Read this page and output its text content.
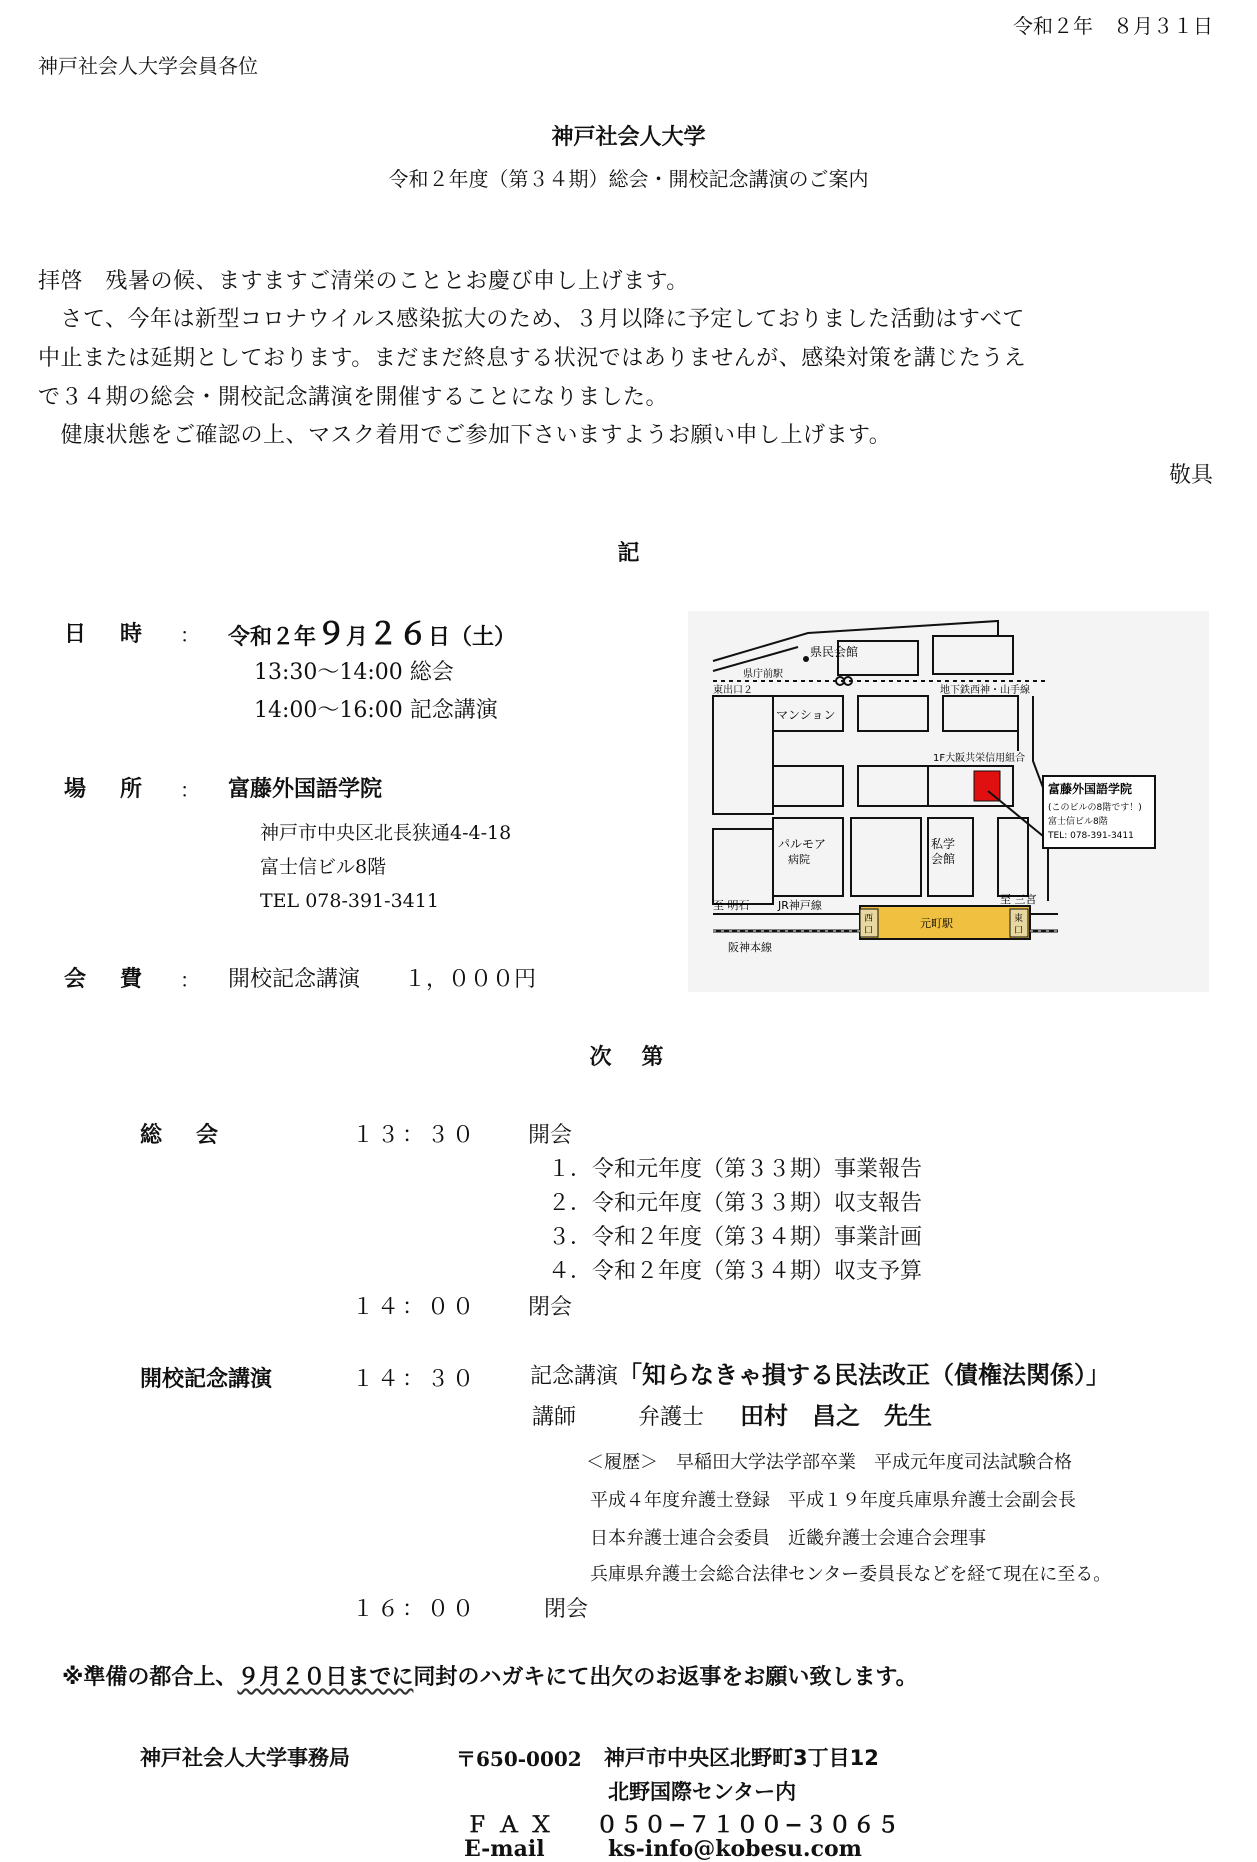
令和２年　８月３１日
神戸社会人大学会員各位
神戸社会人大学
令和２年度（第３４期）総会・開校記念講演のご案内
拝啓　残暑の候、ますますご清栄のこととお慶び申し上げます。
　さて、今年は新型コロナウイルス感染拡大のため、３月以降に予定しておりました活動はすべて
中止または延期としております。まだまだ終息する状況ではありませんが、感染対策を講じたうえ
で３４期の総会・開校記念講演を開催することになりました。
　健康状態をご確認の上、マスク着用でご参加下さいますようお願い申し上げます。
敬具
記
日　時 ： 令和２年９月２６日（土）
13:30〜14:00 総会
14:00〜16:00 記念講演
場　所 ： 富藤外国語学院
神戸市中央区北長狭通4-4-18
富士信ビル8階
TEL 078-391-3411
会　費 ： 開校記念講演　　１，０００円
県民会館
県庁前駅
東出口２	地下鉄西神・山手線
マンション
1F大阪共栄信用組合
富藤外国語学院
(このビルの8階です！)
富士信ビル8階
TEL: 078-391-3411
パルモア
病院
私学
会館
至 明石	JR神戸線	至 三宮
西
口
元町駅	東
口
阪神本線
次　第
総　会	１３：３０ 開会
１．令和元年度（第３３期）事業報告
２．令和元年度（第３３期）収支報告
３．令和２年度（第３４期）事業計画
４．令和２年度（第３４期）収支予算
１４：００ 閉会
開校記念講演	１４：３０ 記念講演「知らなきゃ損する民法改正（債権法関係）」
講師	弁護士 田村　昌之　先生
＜履歴＞　早稲田大学法学部卒業　平成元年度司法試験合格
平成４年度弁護士登録　平成１９年度兵庫県弁護士会副会長
日本弁護士連合会委員　近畿弁護士会連合会理事
兵庫県弁護士会総合法律センター委員長などを経て現在に至る。
１６：００	閉会
※準備の都合上、９月２０日までに同封のハガキにて出欠のお返事をお願い致します。
神戸社会人大学事務局	〒650-0002 神戸市中央区北野町3丁目12
北野国際センター内
ＦＡＸ ０５０−７１００−３０６５
E-mail	ks-info@kobesu.com
